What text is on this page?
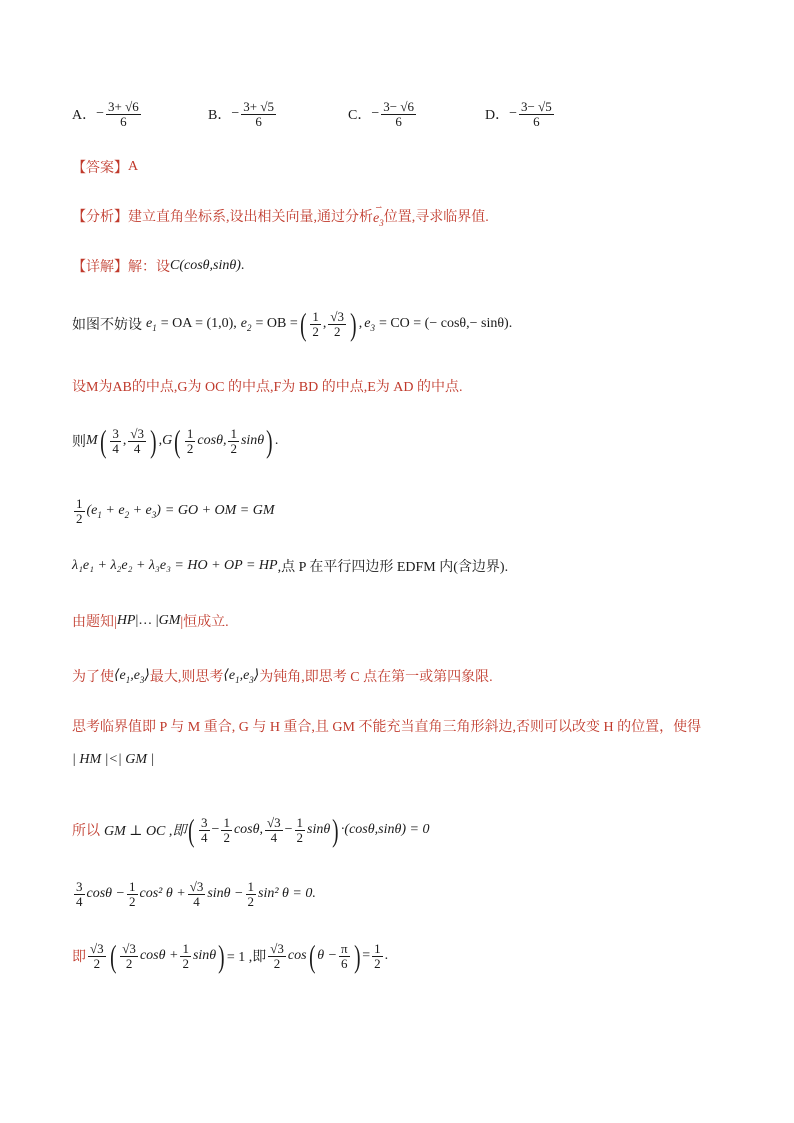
A． − $\frac{3+ √6}{6}$	B． − $\frac{3+ √5}{6}$	C． − $\frac{3- √6}{6}$	D． − $\frac{3- √5}{6}$
【答案】 A
【分析】 建立直角坐标系,设出相关向量,通过分析
⇀
$e_3$ 位置,寻求临界值.
【详解】 解：设 C(cosθ,sinθ) .
如图不妨设 $e_1$ = OA = (1,0), $e_2$ = OB = ( $\frac{1}{2}$ , $\frac{√3}{2}$ ) , $e_3$ = CO = (− cosθ,− sinθ) .
设M为AB的中点,G为 OC 的中点,F为 BD 的中点,E为 AD 的中点.
则 M ( $\frac{3}{4}$ , $\frac{√3}{4}$ ) , G ( $\frac{1}{2} \cos\theta$, $\frac{1}{2}$ sinθ ) .
$\frac{1}{2} (e_1 + e_2 + e_3)$ = GO + OM = GM
λ₁e₁ + λ₂e₂ + λ₃e₃ = HO + OP = HP ,点 P 在平行四边形 EDFM 内(含边界).
由题知| HP |… | GM |恒成立.
为了使 $⟨e_1,e_3⟩$ 最大,则思考 $⟨e_1,e_3⟩$ 为钝角,即思考 C 点在第一或第四象限.
思考临界值即 P 与 M 重合, G 与 H 重合,且 GM 不能充当直角三角形斜边,否则可以改变 H 的位置，使得
| HM |<| GM |
所以 GM ⊥ OC ,即 ( $\frac{3}{4} - \frac{1}{2} \cos\theta$, $\frac{√3}{4} - \frac{1}{2}$ sinθ ) ·(cosθ,sinθ) = 0
$\frac{3}{4}$ $\cos\theta - \frac{1}{2} \cos^2$ $\theta + \frac{√3}{4}$ $\sin\theta - \frac{1}{2} \sin^2$ θ = 0.
即 $\frac{√3}{2}$ ( $\frac{√3}{2}$ $\cos\theta + \frac{1}{2}$ sinθ ) = 1 ,即 $\frac{√3}{2}$ cos ( $\theta - \frac{\pi}{6}$ ) = $\frac{1}{2}$ .
